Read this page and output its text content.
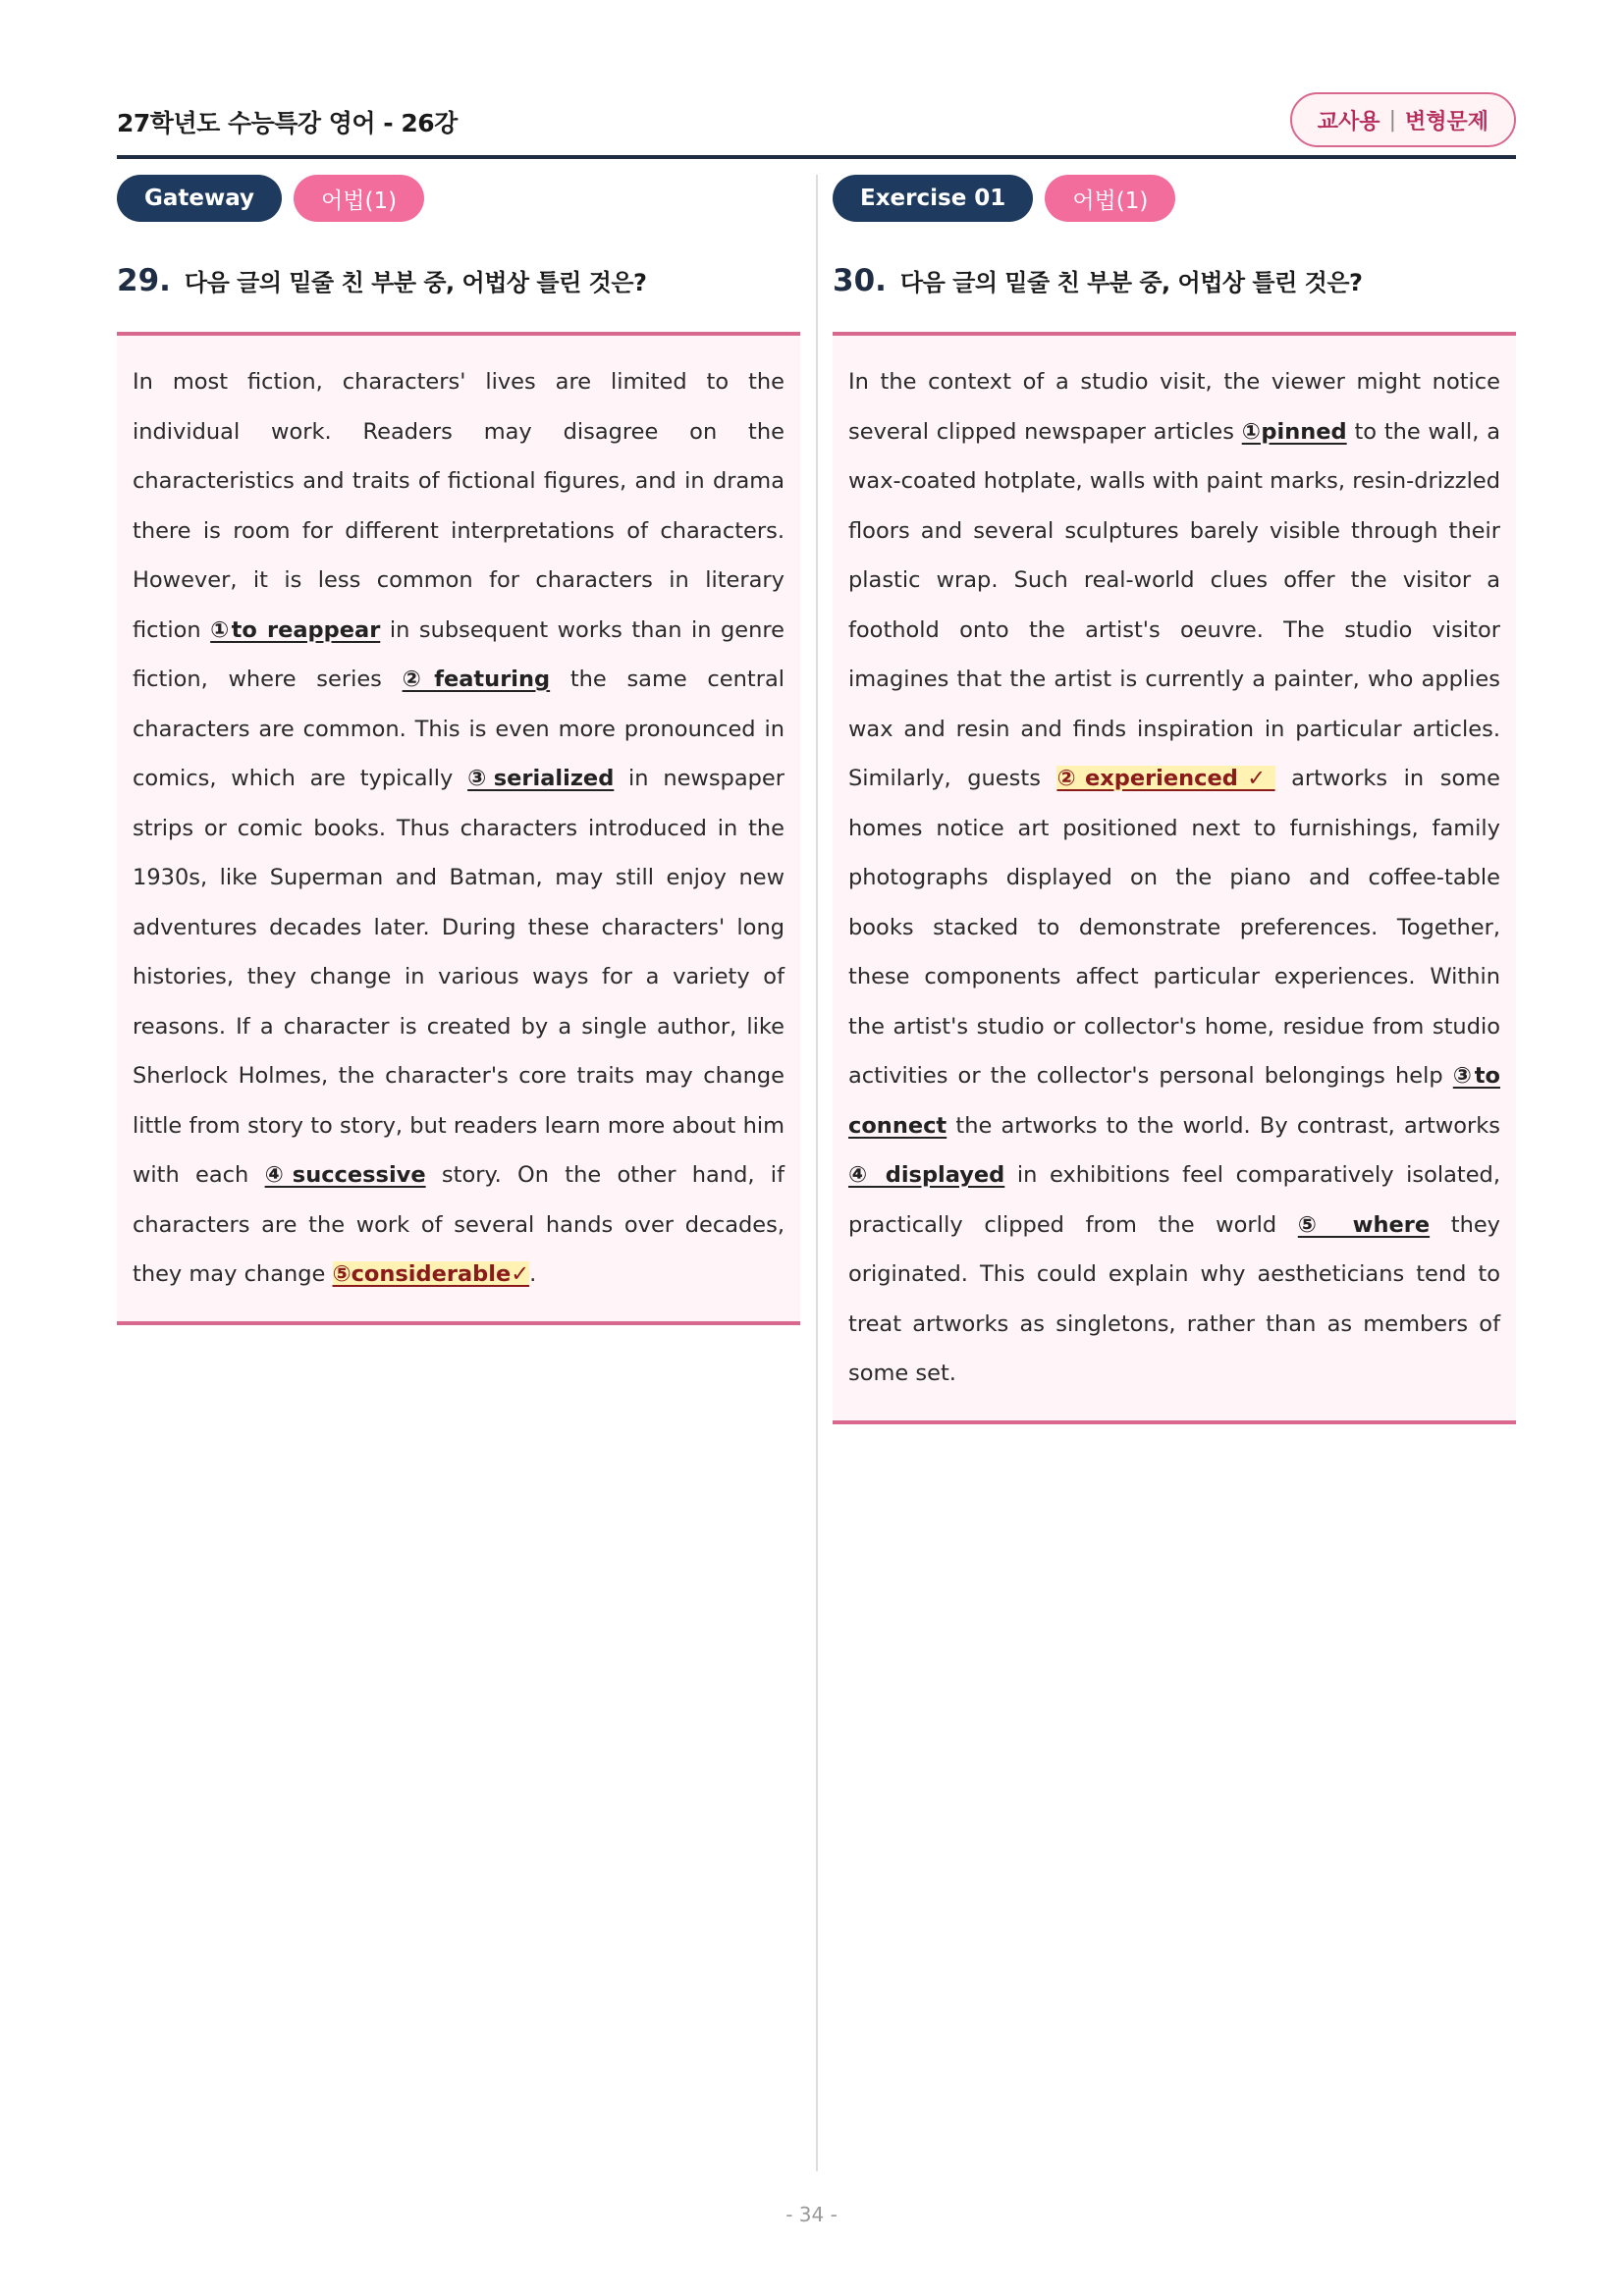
27학년도 수능특강 영어 - 26강	교사용 | 변형문제
Gateway	어법(1)
29. 다음 글의 밑줄 친 부분 중, 어법상 틀린 것은?

In most fiction, characters' lives are limited to the individual work. Readers may disagree on the characteristics and traits of fictional figures, and in drama there is room for different interpretations of characters. However, it is less common for characters in literary fiction ①to reappear in subsequent works than in genre fiction, where series ②featuring the same central characters are common. This is even more pronounced in comics, which are typically ③serialized in newspaper strips or comic books. Thus characters introduced in the 1930s, like Superman and Batman, may still enjoy new adventures decades later. During these characters' long histories, they change in various ways for a variety of reasons. If a character is created by a single author, like Sherlock Holmes, the character's core traits may change little from story to story, but readers learn more about him with each ④successive story. On the other hand, if characters are the work of several hands over decades, they may change ⑤considerable✓.

Exercise 01	어법(1)
30. 다음 글의 밑줄 친 부분 중, 어법상 틀린 것은?

In the context of a studio visit, the viewer might notice several clipped newspaper articles ①pinned to the wall, a wax-coated hotplate, walls with paint marks, resin-drizzled floors and several sculptures barely visible through their plastic wrap. Such real-world clues offer the visitor a foothold onto the artist's oeuvre. The studio visitor imagines that the artist is currently a painter, who applies wax and resin and finds inspiration in particular articles. Similarly, guests ②experienced✓ artworks in some homes notice art positioned next to furnishings, family photographs displayed on the piano and coffee-table books stacked to demonstrate preferences. Together, these components affect particular experiences. Within the artist's studio or collector's home, residue from studio activities or the collector's personal belongings help ③to connect the artworks to the world. By contrast, artworks ④ displayed in exhibitions feel comparatively isolated, practically clipped from the world ⑤ where they originated. This could explain why aestheticians tend to treat artworks as singletons, rather than as members of some set.

- 34 -
